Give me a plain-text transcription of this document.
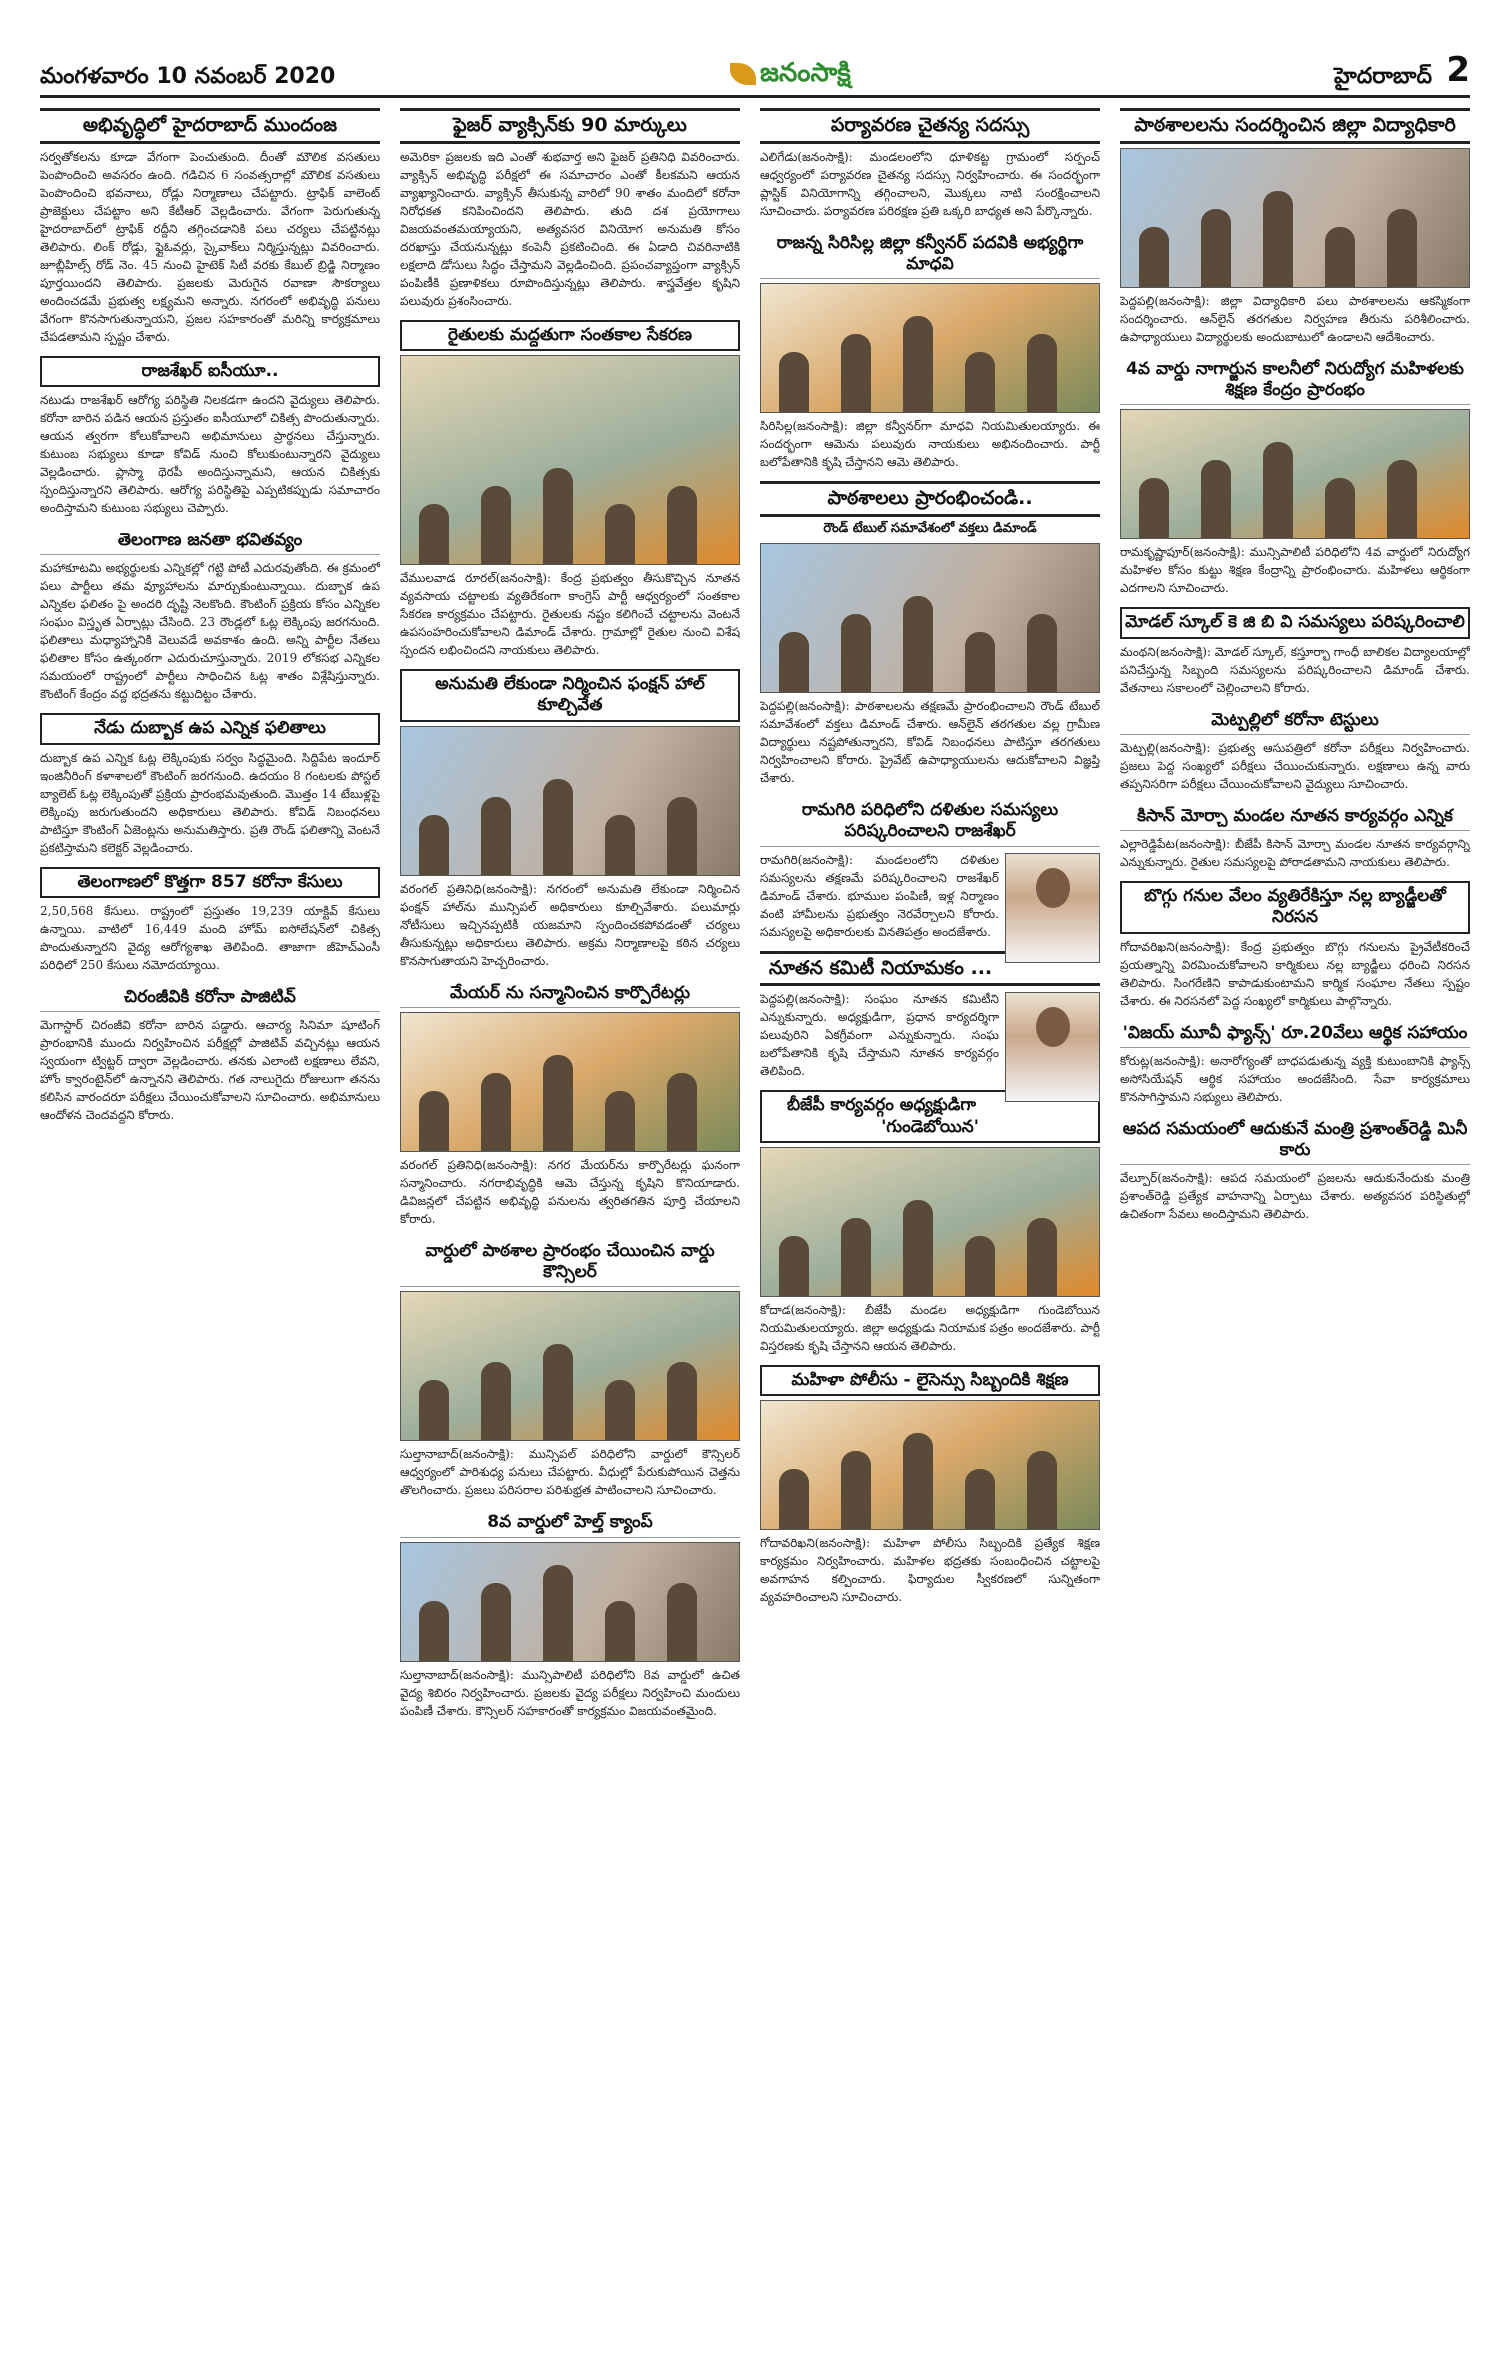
మంగళవారం 10 నవంబర్ 2020	జనంసాక్షి	హైదరాబాద్ 2
అభివృద్ధిలో హైదరాబాద్ ముందంజ
సర్వతోకలను కూడా వేగంగా పెంచుతుంది. దీంతో మౌలిక వసతులు పెంపొందించి అవసరం ఉంది. గడిచిన 6 సంవత్సరాల్లో మౌలిక వసతులు పెంపొందించి భవనాలు, రోడ్లు నిర్మాణాలు చేపట్టారు. ట్రాఫిక్ వాలెంట్ ప్రాజెక్టులు చేపట్టాం అని కేటీఆర్ వెల్లడించారు. వేగంగా పెరుగుతున్న హైదరాబాద్‌లో ట్రాఫిక్ రద్దీని తగ్గించడానికి పలు చర్యలు చేపట్టినట్లు తెలిపారు. లింక్ రోడ్లు, ఫ్లైఓవర్లు, స్కైవాక్‌లు నిర్మిస్తున్నట్లు వివరించారు. జూబ్లీహిల్స్ రోడ్ నెం. 45 నుంచి హైటెక్ సిటీ వరకు కేబుల్ బ్రిడ్జి నిర్మాణం పూర్తయిందని తెలిపారు. ప్రజలకు మెరుగైన రవాణా సౌకర్యాలు అందించడమే ప్రభుత్వ లక్ష్యమని అన్నారు. నగరంలో అభివృద్ధి పనులు వేగంగా కొనసాగుతున్నాయని, ప్రజల సహకారంతో మరిన్ని కార్యక్రమాలు చేపడతామని స్పష్టం చేశారు.
రాజశేఖర్ ఐసీయూ..
నటుడు రాజశేఖర్ ఆరోగ్య పరిస్థితి నిలకడగా ఉందని వైద్యులు తెలిపారు. కరోనా బారిన పడిన ఆయన ప్రస్తుతం ఐసీయూలో చికిత్స పొందుతున్నారు. ఆయన త్వరగా కోలుకోవాలని అభిమానులు ప్రార్థనలు చేస్తున్నారు. కుటుంబ సభ్యులు కూడా కోవిడ్ నుంచి కోలుకుంటున్నారని వైద్యులు వెల్లడించారు. ప్లాస్మా థెరపీ అందిస్తున్నామని, ఆయన చికిత్సకు స్పందిస్తున్నారని తెలిపారు. ఆరోగ్య పరిస్థితిపై ఎప్పటికప్పుడు సమాచారం అందిస్తామని కుటుంబ సభ్యులు చెప్పారు.
తెలంగాణ జనతా భవితవ్యం
మహాకూటమి అభ్యర్థులకు ఎన్నికల్లో గట్టి పోటీ ఎదురవుతోంది. ఈ క్రమంలో పలు పార్టీలు తమ వ్యూహాలను మార్చుకుంటున్నాయి. దుబ్బాక ఉప ఎన్నికల ఫలితం పై అందరి దృష్టి నెలకొంది. కౌంటింగ్ ప్రక్రియ కోసం ఎన్నికల సంఘం విస్తృత ఏర్పాట్లు చేసింది. 23 రౌండ్లలో ఓట్ల లెక్కింపు జరగనుంది. ఫలితాలు మధ్యాహ్నానికి వెలువడే అవకాశం ఉంది. అన్ని పార్టీల నేతలు ఫలితాల కోసం ఉత్కంఠగా ఎదురుచూస్తున్నారు. 2019 లోకసభ ఎన్నికల సమయంలో రాష్ట్రంలో పార్టీలు సాధించిన ఓట్ల శాతం విశ్లేషిస్తున్నారు. కౌంటింగ్ కేంద్రం వద్ద భద్రతను కట్టుదిట్టం చేశారు.
నేడు దుబ్బాక ఉప ఎన్నిక ఫలితాలు
దుబ్బాక ఉప ఎన్నిక ఓట్ల లెక్కింపుకు సర్వం సిద్ధమైంది. సిద్దిపేట ఇందూర్ ఇంజినీరింగ్ కళాశాలలో కౌంటింగ్ జరగనుంది. ఉదయం 8 గంటలకు పోస్టల్ బ్యాలెట్ ఓట్ల లెక్కింపుతో ప్రక్రియ ప్రారంభమవుతుంది. మొత్తం 14 టేబుళ్లపై లెక్కింపు జరుగుతుందని అధికారులు తెలిపారు. కోవిడ్ నిబంధనలు పాటిస్తూ కౌంటింగ్ ఏజెంట్లను అనుమతిస్తారు. ప్రతి రౌండ్ ఫలితాన్ని వెంటనే ప్రకటిస్తామని కలెక్టర్ వెల్లడించారు.
తెలంగాణలో కొత్తగా 857 కరోనా కేసులు
2,50,568 కేసులు. రాష్ట్రంలో ప్రస్తుతం 19,239 యాక్టివ్ కేసులు ఉన్నాయి. వాటిలో 16,449 మంది హోమ్ ఐసోలేషన్‌లో చికిత్స పొందుతున్నారని వైద్య ఆరోగ్యశాఖ తెలిపింది. తాజాగా జీహెచ్ఎంసీ పరిధిలో 250 కేసులు నమోదయ్యాయి.
చిరంజీవికి కరోనా పాజిటివ్
మెగాస్టార్ చిరంజీవి కరోనా బారిన పడ్డారు. ఆచార్య సినిమా షూటింగ్ ప్రారంభానికి ముందు నిర్వహించిన పరీక్షల్లో పాజిటివ్ వచ్చినట్లు ఆయన స్వయంగా ట్విట్టర్ ద్వారా వెల్లడించారు. తనకు ఎలాంటి లక్షణాలు లేవని, హోం క్వారంటైన్‌లో ఉన్నానని తెలిపారు. గత నాలుగైదు రోజులుగా తనను కలిసిన వారందరూ పరీక్షలు చేయించుకోవాలని సూచించారు. అభిమానులు ఆందోళన చెందవద్దని కోరారు.
ఫైజర్ వ్యాక్సిన్‌కు 90 మార్కులు
అమెరికా ప్రజలకు ఇది ఎంతో శుభవార్త అని ఫైజర్ ప్రతినిధి వివరించారు. వ్యాక్సిన్ అభివృద్ధి పరీక్షలో ఈ సమాచారం ఎంతో కీలకమని ఆయన వ్యాఖ్యానించారు. వ్యాక్సిన్ తీసుకున్న వారిలో 90 శాతం మందిలో కరోనా నిరోధకత కనిపించిందని తెలిపారు. తుది దశ ప్రయోగాలు విజయవంతమయ్యాయని, అత్యవసర వినియోగ అనుమతి కోసం దరఖాస్తు చేయనున్నట్లు కంపెనీ ప్రకటించింది. ఈ ఏడాది చివరినాటికి లక్షలాది డోసులు సిద్ధం చేస్తామని వెల్లడించింది. ప్రపంచవ్యాప్తంగా వ్యాక్సిన్ పంపిణీకి ప్రణాళికలు రూపొందిస్తున్నట్లు తెలిపారు. శాస్త్రవేత్తల కృషిని పలువురు ప్రశంసించారు.
రైతులకు మద్దతుగా సంతకాల సేకరణ
వేములవాడ రూరల్(జనంసాక్షి): కేంద్ర ప్రభుత్వం తీసుకొచ్చిన నూతన వ్యవసాయ చట్టాలకు వ్యతిరేకంగా కాంగ్రెస్ పార్టీ ఆధ్వర్యంలో సంతకాల సేకరణ కార్యక్రమం చేపట్టారు. రైతులకు నష్టం కలిగించే చట్టాలను వెంటనే ఉపసంహరించుకోవాలని డిమాండ్ చేశారు. గ్రామాల్లో రైతుల నుంచి విశేష స్పందన లభించిందని నాయకులు తెలిపారు.
అనుమతి లేకుండా నిర్మించిన ఫంక్షన్ హాల్ కూల్చివేత
వరంగల్ ప్రతినిధి(జనంసాక్షి): నగరంలో అనుమతి లేకుండా నిర్మించిన ఫంక్షన్ హాల్‌ను మున్సిపల్ అధికారులు కూల్చివేశారు. పలుమార్లు నోటీసులు ఇచ్చినప్పటికీ యజమాని స్పందించకపోవడంతో చర్యలు తీసుకున్నట్లు అధికారులు తెలిపారు. అక్రమ నిర్మాణాలపై కఠిన చర్యలు కొనసాగుతాయని హెచ్చరించారు.
మేయర్ ను సన్మానించిన కార్పొరేటర్లు
వరంగల్ ప్రతినిధి(జనంసాక్షి): నగర మేయర్‌ను కార్పొరేటర్లు ఘనంగా సన్మానించారు. నగరాభివృద్ధికి ఆమె చేస్తున్న కృషిని కొనియాడారు. డివిజన్లలో చేపట్టిన అభివృద్ధి పనులను త్వరితగతిన పూర్తి చేయాలని కోరారు.
వార్డులో పాఠశాల ప్రారంభం చేయించిన వార్డు కౌన్సిలర్
సుల్తానాబాద్(జనంసాక్షి): మున్సిపల్ పరిధిలోని వార్డులో కౌన్సిలర్ ఆధ్వర్యంలో పారిశుధ్య పనులు చేపట్టారు. వీధుల్లో పేరుకుపోయిన చెత్తను తొలగించారు. ప్రజలు పరిసరాల పరిశుభ్రత పాటించాలని సూచించారు.
8వ వార్డులో హెల్త్ క్యాంప్
సుల్తానాబాద్(జనంసాక్షి): మున్సిపాలిటీ పరిధిలోని 8వ వార్డులో ఉచిత వైద్య శిబిరం నిర్వహించారు. ప్రజలకు వైద్య పరీక్షలు నిర్వహించి మందులు పంపిణీ చేశారు. కౌన్సిలర్ సహకారంతో కార్యక్రమం విజయవంతమైంది.
పర్యావరణ చైతన్య సదస్సు
ఎలిగేడు(జనంసాక్షి): మండలంలోని ధూళికట్ట గ్రామంలో సర్పంచ్ ఆధ్వర్యంలో పర్యావరణ చైతన్య సదస్సు నిర్వహించారు. ఈ సందర్భంగా ప్లాస్టిక్ వినియోగాన్ని తగ్గించాలని, మొక్కలు నాటి సంరక్షించాలని సూచించారు. పర్యావరణ పరిరక్షణ ప్రతి ఒక్కరి బాధ్యత అని పేర్కొన్నారు.
రాజన్న సిరిసిల్ల జిల్లా కన్వీనర్ పదవికి అభ్యర్థిగా మాధవి
సిరిసిల్ల(జనంసాక్షి): జిల్లా కన్వీనర్‌గా మాధవి నియమితులయ్యారు. ఈ సందర్భంగా ఆమెను పలువురు నాయకులు అభినందించారు. పార్టీ బలోపేతానికి కృషి చేస్తానని ఆమె తెలిపారు.
పాఠశాలలు ప్రారంభించండి..
రౌండ్ టేబుల్ సమావేశంలో వక్తలు డిమాండ్
పెద్దపల్లి(జనంసాక్షి): పాఠశాలలను తక్షణమే ప్రారంభించాలని రౌండ్ టేబుల్ సమావేశంలో వక్తలు డిమాండ్ చేశారు. ఆన్‌లైన్ తరగతుల వల్ల గ్రామీణ విద్యార్థులు నష్టపోతున్నారని, కోవిడ్ నిబంధనలు పాటిస్తూ తరగతులు నిర్వహించాలని కోరారు. ప్రైవేట్ ఉపాధ్యాయులను ఆదుకోవాలని విజ్ఞప్తి చేశారు.
రామగిరి పరిధిలోని దళితుల సమస్యలు పరిష్కరించాలని రాజశేఖర్
రామగిరి(జనంసాక్షి): మండలంలోని దళితుల సమస్యలను తక్షణమే పరిష్కరించాలని రాజశేఖర్ డిమాండ్ చేశారు. భూముల పంపిణీ, ఇళ్ల నిర్మాణం వంటి హామీలను ప్రభుత్వం నెరవేర్చాలని కోరారు. సమస్యలపై అధికారులకు వినతిపత్రం అందజేశారు.
నూతన కమిటీ నియామకం ...
పెద్దపల్లి(జనంసాక్షి): సంఘం నూతన కమిటీని ఎన్నుకున్నారు. అధ్యక్షుడిగా, ప్రధాన కార్యదర్శిగా పలువురిని ఏకగ్రీవంగా ఎన్నుకున్నారు. సంఘ బలోపేతానికి కృషి చేస్తామని నూతన కార్యవర్గం తెలిపింది.
బీజేపీ కార్యవర్గం అధ్యక్షుడిగా 'గుండెబోయిన'
కోదాడ(జనంసాక్షి): బీజేపీ మండల అధ్యక్షుడిగా గుండెబోయిన నియమితులయ్యారు. జిల్లా అధ్యక్షుడు నియామక పత్రం అందజేశారు. పార్టీ విస్తరణకు కృషి చేస్తానని ఆయన తెలిపారు.
మహిళా పోలీసు - లైసెన్సు సిబ్బందికి శిక్షణ
గోదావరిఖని(జనంసాక్షి): మహిళా పోలీసు సిబ్బందికి ప్రత్యేక శిక్షణ కార్యక్రమం నిర్వహించారు. మహిళల భద్రతకు సంబంధించిన చట్టాలపై అవగాహన కల్పించారు. ఫిర్యాదుల స్వీకరణలో సున్నితంగా వ్యవహరించాలని సూచించారు.
పాఠశాలలను సందర్శించిన జిల్లా విద్యాధికారి
పెద్దపల్లి(జనంసాక్షి): జిల్లా విద్యాధికారి పలు పాఠశాలలను ఆకస్మికంగా సందర్శించారు. ఆన్‌లైన్ తరగతుల నిర్వహణ తీరును పరిశీలించారు. ఉపాధ్యాయులు విద్యార్థులకు అందుబాటులో ఉండాలని ఆదేశించారు.
4వ వార్డు నాగార్జున కాలనీలో నిరుద్యోగ మహిళలకు శిక్షణ కేంద్రం ప్రారంభం
రామకృష్ణాపూర్(జనంసాక్షి): మున్సిపాలిటీ పరిధిలోని 4వ వార్డులో నిరుద్యోగ మహిళల కోసం కుట్టు శిక్షణ కేంద్రాన్ని ప్రారంభించారు. మహిళలు ఆర్థికంగా ఎదగాలని సూచించారు.
మోడల్ స్కూల్ కె జి బి వి సమస్యలు పరిష్కరించాలి
మంథని(జనంసాక్షి): మోడల్ స్కూల్, కస్తూర్బా గాంధీ బాలికల విద్యాలయాల్లో పనిచేస్తున్న సిబ్బంది సమస్యలను పరిష్కరించాలని డిమాండ్ చేశారు. వేతనాలు సకాలంలో చెల్లించాలని కోరారు.
మెట్పల్లిలో కరోనా టెస్టులు
మెట్పల్లి(జనంసాక్షి): ప్రభుత్వ ఆసుపత్రిలో కరోనా పరీక్షలు నిర్వహించారు. ప్రజలు పెద్ద సంఖ్యలో పరీక్షలు చేయించుకున్నారు. లక్షణాలు ఉన్న వారు తప్పనిసరిగా పరీక్షలు చేయించుకోవాలని వైద్యులు సూచించారు.
కిసాన్ మోర్చా మండల నూతన కార్యవర్గం ఎన్నిక
ఎల్లారెడ్డిపేట(జనంసాక్షి): బీజేపీ కిసాన్ మోర్చా మండల నూతన కార్యవర్గాన్ని ఎన్నుకున్నారు. రైతుల సమస్యలపై పోరాడతామని నాయకులు తెలిపారు.
బొగ్గు గనుల వేలం వ్యతిరేకిస్తూ నల్ల బ్యాడ్జీలతో నిరసన
గోదావరిఖని(జనంసాక్షి): కేంద్ర ప్రభుత్వం బొగ్గు గనులను ప్రైవేటీకరించే ప్రయత్నాన్ని విరమించుకోవాలని కార్మికులు నల్ల బ్యాడ్జీలు ధరించి నిరసన తెలిపారు. సింగరేణిని కాపాడుకుంటామని కార్మిక సంఘాల నేతలు స్పష్టం చేశారు. ఈ నిరసనలో పెద్ద సంఖ్యలో కార్మికులు పాల్గొన్నారు.
'విజయ్ మూవీ ఫ్యాన్స్' రూ.20వేలు ఆర్థిక సహాయం
కోరుట్ల(జనంసాక్షి): అనారోగ్యంతో బాధపడుతున్న వ్యక్తి కుటుంబానికి ఫ్యాన్స్ అసోసియేషన్ ఆర్థిక సహాయం అందజేసింది. సేవా కార్యక్రమాలు కొనసాగిస్తామని సభ్యులు తెలిపారు.
ఆపద సమయంలో ఆదుకునే మంత్రి ప్రశాంత్‌రెడ్డి మినీ కారు
వేల్పూర్(జనంసాక్షి): ఆపద సమయంలో ప్రజలను ఆదుకునేందుకు మంత్రి ప్రశాంత్‌రెడ్డి ప్రత్యేక వాహనాన్ని ఏర్పాటు చేశారు. అత్యవసర పరిస్థితుల్లో ఉచితంగా సేవలు అందిస్తామని తెలిపారు.
